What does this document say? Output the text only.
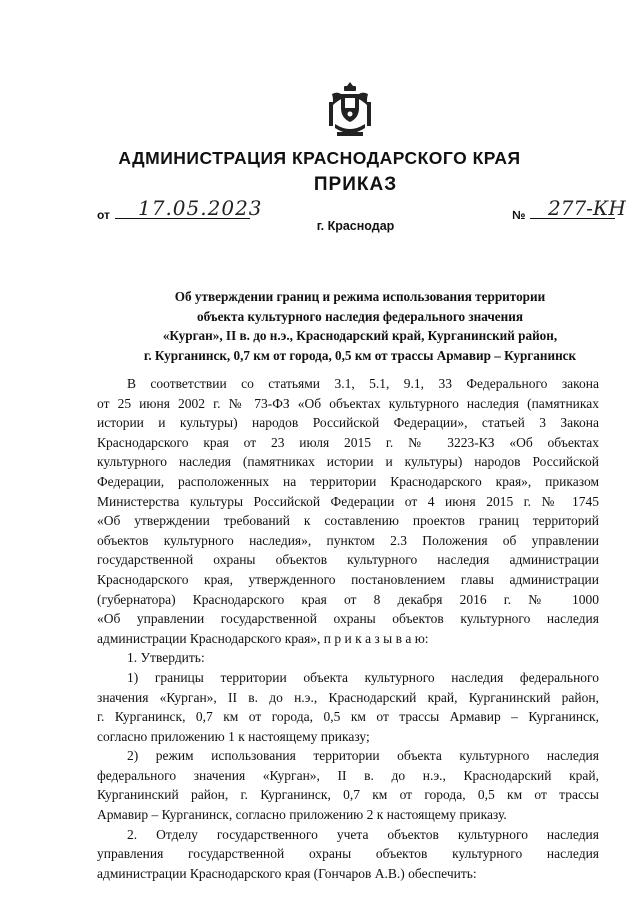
АДМИНИСТРАЦИЯ КРАСНОДАРСКОГО КРАЯ
ПРИКАЗ
от 17.05.2023
г. Краснодар
№ 277-КН
Об утверждении границ и режима использования территории
объекта культурного наследия федерального значения
«Курган», II в. до н.э., Краснодарский край, Курганинский район,
г. Курганинск, 0,7 км от города, 0,5 км от трассы Армавир – Курганинск
В соответствии со статьями 3.1, 5.1, 9.1, 33 Федерального закона
от 25 июня 2002 г. № 73-ФЗ «Об объектах культурного наследия (памятниках
истории и культуры) народов Российской Федерации», статьей 3 Закона
Краснодарского края от 23 июля 2015 г. № 3223-КЗ «Об объектах
культурного наследия (памятниках истории и культуры) народов Российской
Федерации, расположенных на территории Краснодарского края», приказом
Министерства культуры Российской Федерации от 4 июня 2015 г. № 1745
«Об утверждении требований к составлению проектов границ территорий
объектов культурного наследия», пунктом 2.3 Положения об управлении
государственной охраны объектов культурного наследия администрации
Краснодарского края, утвержденного постановлением главы администрации
(губернатора) Краснодарского края от 8 декабря 2016 г. № 1000
«Об управлении государственной охраны объектов культурного наследия
администрации Краснодарского края», п р и к а з ы в а ю:
1. Утвердить:
1) границы территории объекта культурного наследия федерального
значения «Курган», II в. до н.э., Краснодарский край, Курганинский район,
г. Курганинск, 0,7 км от города, 0,5 км от трассы Армавир – Курганинск,
согласно приложению 1 к настоящему приказу;
2) режим использования территории объекта культурного наследия
федерального значения «Курган», II в. до н.э., Краснодарский край,
Курганинский район, г. Курганинск, 0,7 км от города, 0,5 км от трассы
Армавир – Курганинск, согласно приложению 2 к настоящему приказу.
2. Отделу государственного учета объектов культурного наследия
управления государственной охраны объектов культурного наследия
администрации Краснодарского края (Гончаров А.В.) обеспечить:
